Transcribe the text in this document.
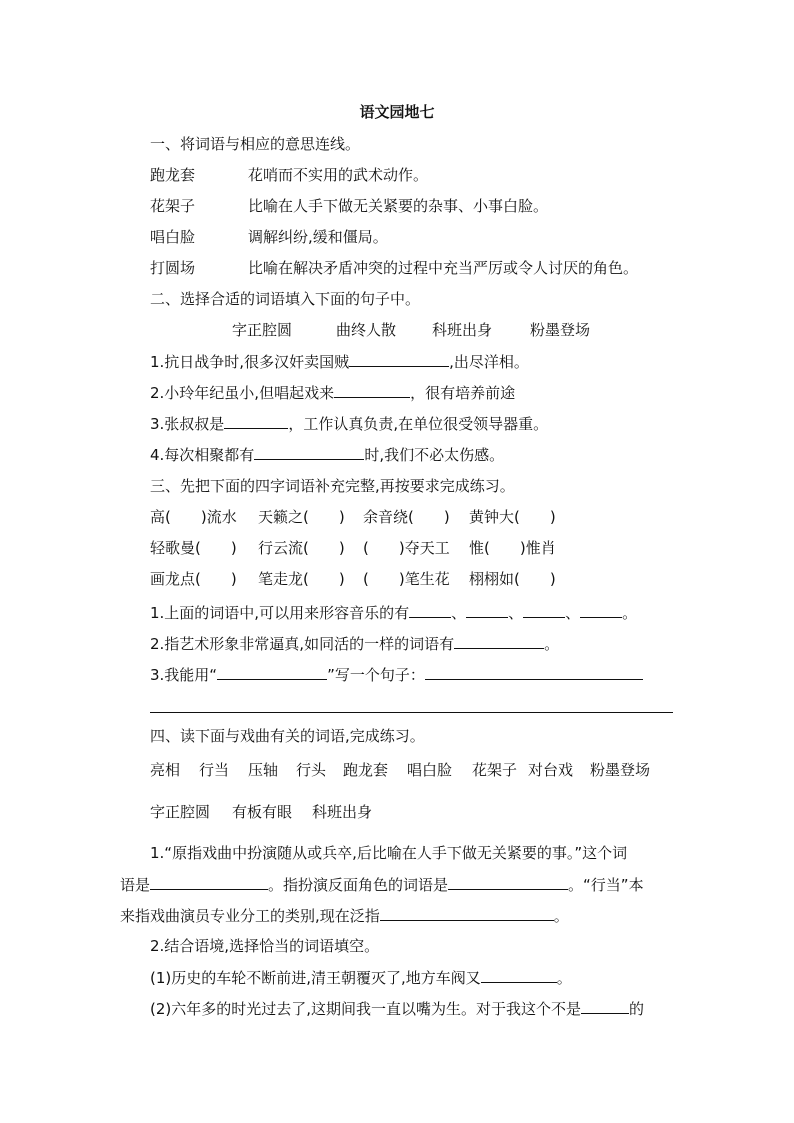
语文园地七
一、将词语与相应的意思连线。
跑龙套	花哨而不实用的武术动作。
花架子	比喻在人手下做无关紧要的杂事、小事白脸。
唱白脸	调解纠纷,缓和僵局。
打圆场	比喻在解决矛盾冲突的过程中充当严厉或令人讨厌的角色。
二、选择合适的词语填入下面的句子中。
字正腔圆	曲终人散 科班出身	粉墨登场
1.抗日战争时,很多汉奸卖国贼	,出尽洋相。
2.小玲年纪虽小,但唱起戏来	，很有培养前途
3.张叔叔是	，工作认真负责,在单位很受领导器重。
4.每次相聚都有	时,我们不必太伤感。
三、先把下面的四字词语补充完整,再按要求完成练习。
高(　　)流水 天籁之(　　) 余音绕(　　) 黄钟大(　　)
轻歌曼(　　) 行云流(　　) (　　)夺天工 惟(　　)惟肖
画龙点(　　) 笔走龙(　　) (　　)笔生花 栩栩如(　　)
1.上面的词语中,可以用来形容音乐的有	、	、	、	。
2.指艺术形象非常逼真,如同活的一样的词语有	。
3.我能用“	”写一个句子：
四、读下面与戏曲有关的词语,完成练习。
亮相 行当 压轴 行头 跑龙套 唱白脸 花架子 对台戏 粉墨登场
字正腔圆 有板有眼 科班出身
1.“原指戏曲中扮演随从或兵卒,后比喻在人手下做无关紧要的事。”这个词
语是	。指扮演反面角色的词语是	。“行当”本
来指戏曲演员专业分工的类别,现在泛指	。
2.结合语境,选择恰当的词语填空。
(1)历史的车轮不断前进,清王朝覆灭了,地方车阀又	。
(2)六年多的时光过去了,这期间我一直以嘴为生。对于我这个不是	的
